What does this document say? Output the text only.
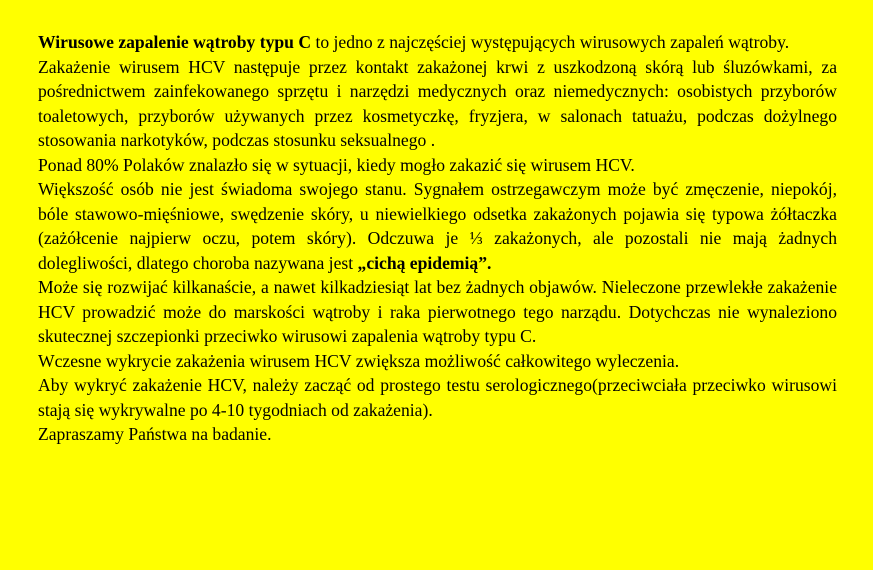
Wirusowe zapalenie wątroby typu C to jedno z najczęściej występujących wirusowych zapaleń wątroby.

Zakażenie wirusem HCV następuje przez kontakt zakażonej krwi z uszkodzoną skórą lub śluzówkami, za pośrednictwem zainfekowanego sprzętu i narzędzi medycznych oraz niemedycznych: osobistych przyborów toaletowych, przyborów używanych przez kosmetyczkę, fryzjera, w salonach tatuażu, podczas dożylnego stosowania narkotyków, podczas stosunku seksualnego .

Ponad 80% Polaków znalazło się w sytuacji, kiedy mogło zakazić się wirusem HCV.

Większość osób nie jest świadoma swojego stanu. Sygnałem ostrzegawczym może być zmęczenie, niepokój, bóle stawowo-mięśniowe, swędzenie skóry, u niewielkiego odsetka zakażonych pojawia się typowa żółtaczka (zażółcenie najpierw oczu, potem skóry). Odczuwa je ⅓ zakażonych, ale pozostali nie mają żadnych dolegliwości, dlatego choroba nazywana jest „cichą epidemią”.

Może się rozwijać kilkanaście, a nawet kilkadziesiąt lat bez żadnych objawów. Nieleczone przewlekłe zakażenie HCV prowadzić może do marskości wątroby i raka pierwotnego tego narządu. Dotychczas nie wynaleziono skutecznej szczepionki przeciwko wirusowi zapalenia wątroby typu C.

Wczesne wykrycie zakażenia wirusem HCV zwiększa możliwość całkowitego wyleczenia.

Aby wykryć zakażenie HCV, należy zacząć od prostego testu serologicznego(przeciwciała przeciwko wirusowi stają się wykrywalne po 4-10 tygodniach od zakażenia).

Zapraszamy Państwa na badanie.
